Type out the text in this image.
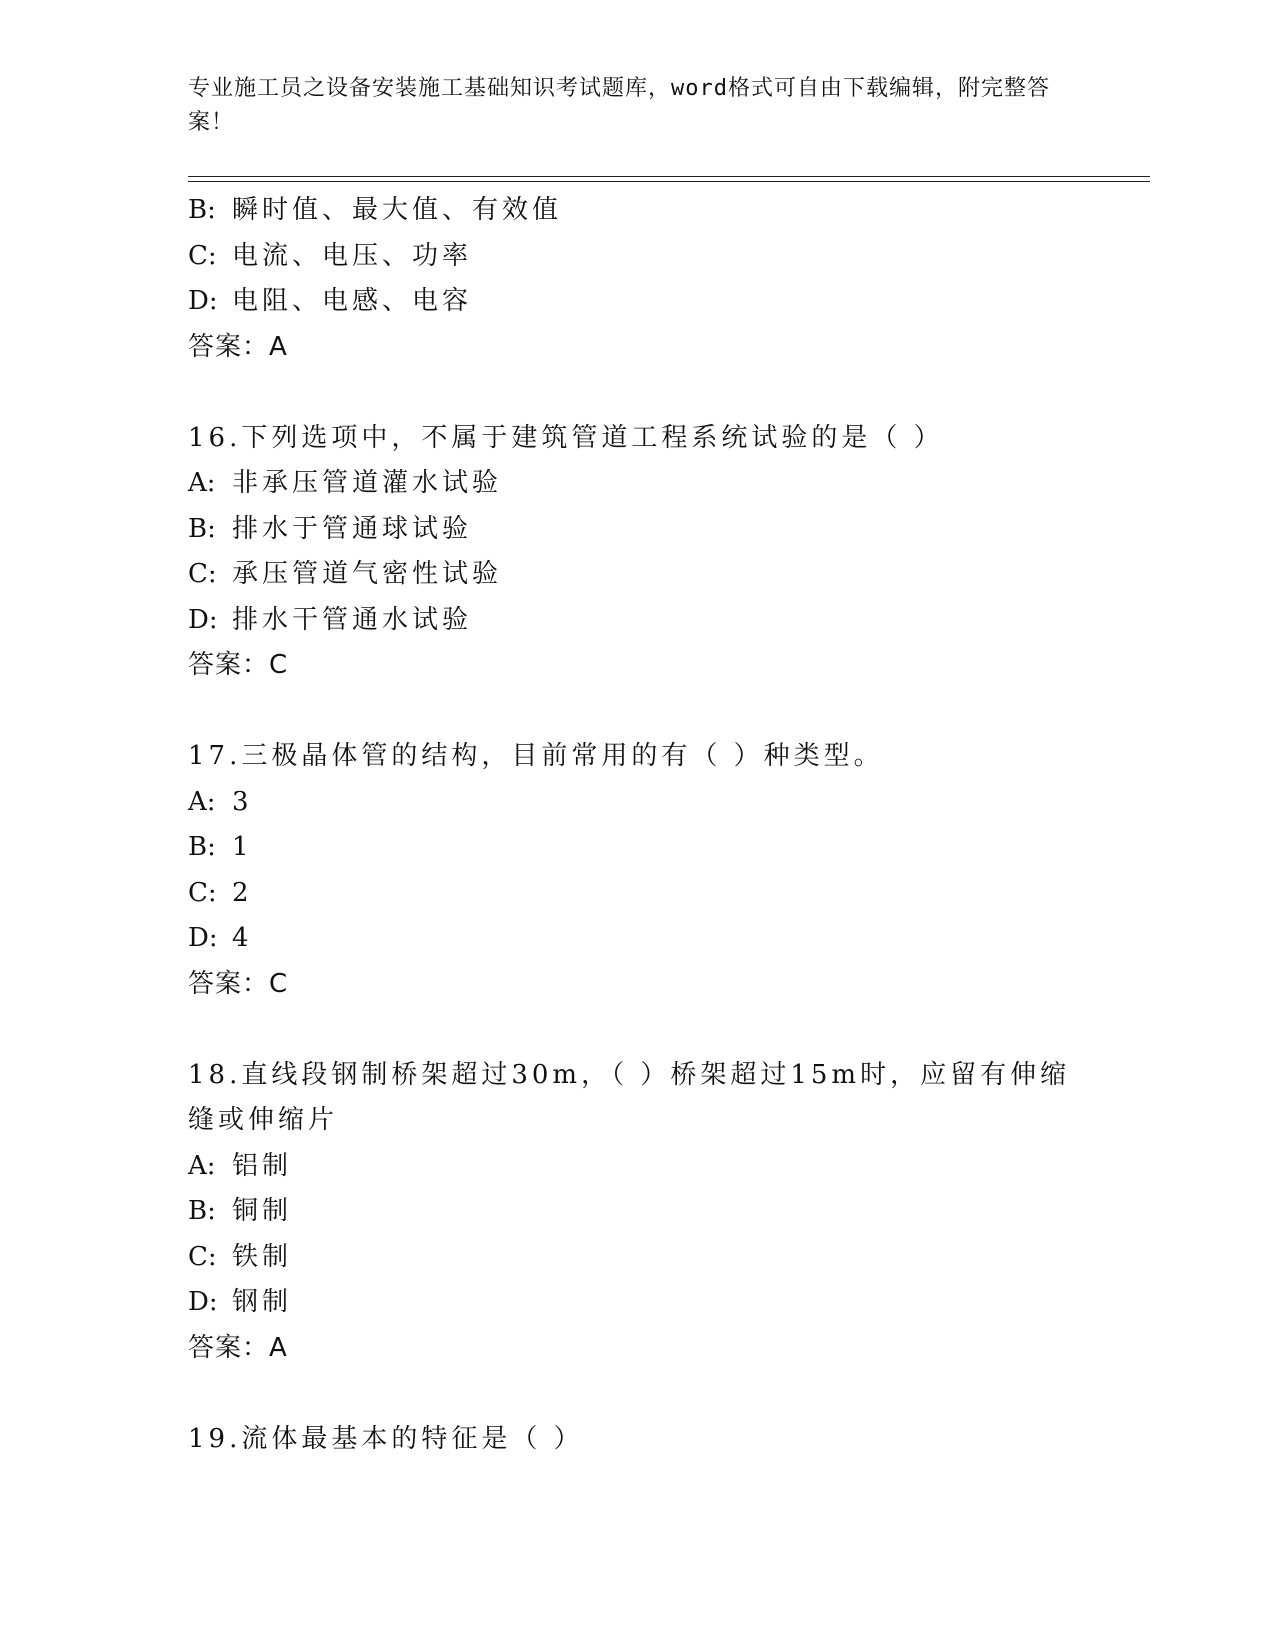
专业施工员之设备安装施工基础知识考试题库，word格式可自由下载编辑，附完整答案！
B: 瞬时值、最大值、有效值
C: 电流、电压、功率
D: 电阻、电感、电容
答案：A
16.下列选项中，不属于建筑管道工程系统试验的是（ ）
A: 非承压管道灌水试验
B: 排水于管通球试验
C: 承压管道气密性试验
D: 排水干管通水试验
答案：C
17.三极晶体管的结构，目前常用的有（ ）种类型。
A: 3
B: 1
C: 2
D: 4
答案：C
18.直线段钢制桥架超过30m，（ ）桥架超过15m时，应留有伸缩缝或伸缩片
A: 铝制
B: 铜制
C: 铁制
D: 钢制
答案：A
19.流体最基本的特征是（ ）
